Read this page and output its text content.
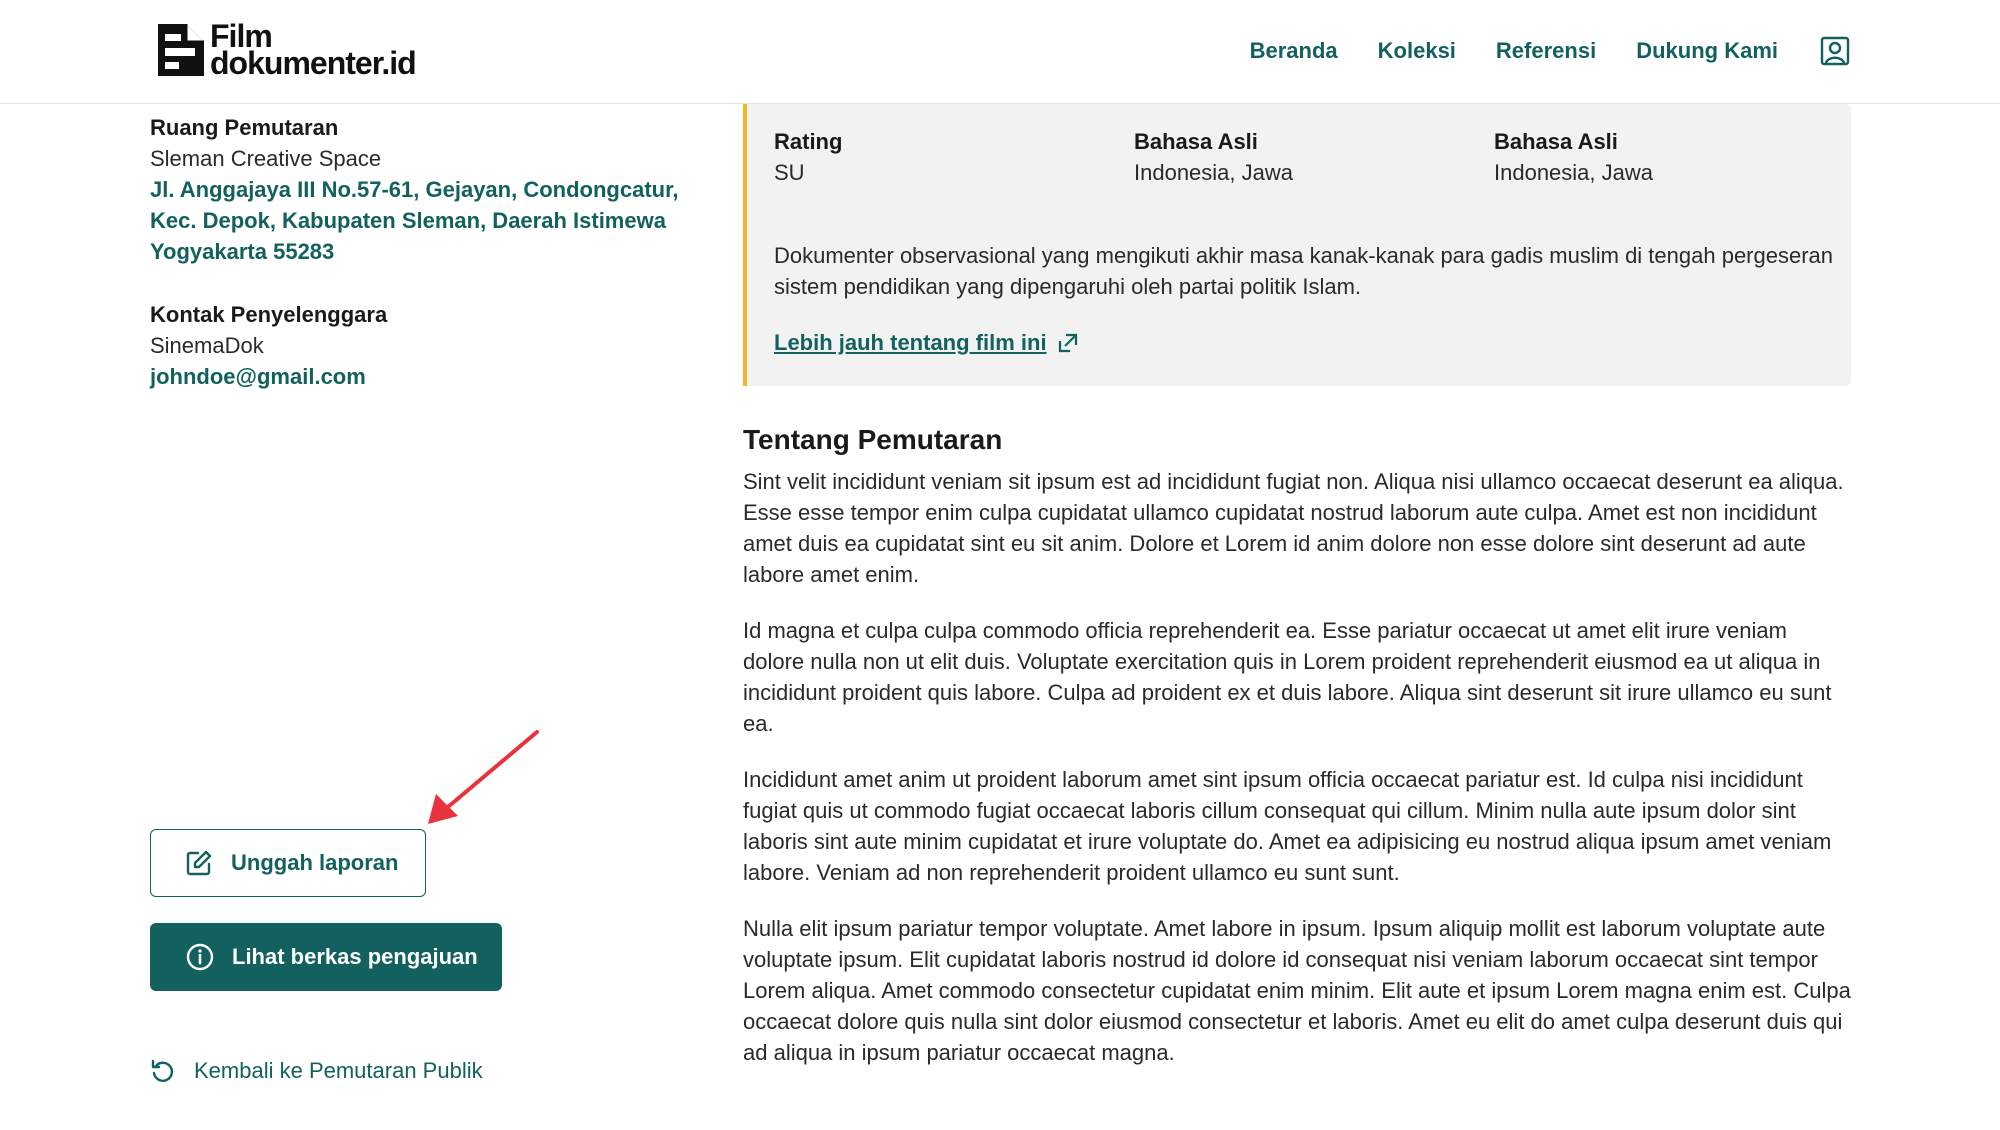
Film
dokumenter.id	Beranda Koleksi Referensi Dukung Kami
Ruang Pemutaran
Sleman Creative Space
Jl. Anggajaya III No.57-61, Gejayan, Condongcatur, Kec. Depok, Kabupaten Sleman, Daerah Istimewa Yogyakarta 55283
Kontak Penyelenggara
SinemaDok
johndoe@gmail.com
Unggah laporan
Lihat berkas pengajuan
Kembali ke Pemutaran Publik
Rating
SU
Bahasa Asli
Indonesia, Jawa
Bahasa Asli
Indonesia, Jawa
Dokumenter observasional yang mengikuti akhir masa kanak-kanak para gadis muslim di tengah pergeseran sistem pendidikan yang dipengaruhi oleh partai politik Islam.
Lebih jauh tentang film ini
Tentang Pemutaran

Sint velit incididunt veniam sit ipsum est ad incididunt fugiat non. Aliqua nisi ullamco occaecat deserunt ea aliqua. Esse esse tempor enim culpa cupidatat ullamco cupidatat nostrud laborum aute culpa. Amet est non incididunt amet duis ea cupidatat sint eu sit anim. Dolore et Lorem id anim dolore non esse dolore sint deserunt ad aute labore amet enim.

Id magna et culpa culpa commodo officia reprehenderit ea. Esse pariatur occaecat ut amet elit irure veniam dolore nulla non ut elit duis. Voluptate exercitation quis in Lorem proident reprehenderit eiusmod ea ut aliqua in incididunt proident quis labore. Culpa ad proident ex et duis labore. Aliqua sint deserunt sit irure ullamco eu sunt ea.

Incididunt amet anim ut proident laborum amet sint ipsum officia occaecat pariatur est. Id culpa nisi incididunt fugiat quis ut commodo fugiat occaecat laboris cillum consequat qui cillum. Minim nulla aute ipsum dolor sint laboris sint aute minim cupidatat et irure voluptate do. Amet ea adipisicing eu nostrud aliqua ipsum amet veniam labore. Veniam ad non reprehenderit proident ullamco eu sunt sunt.

Nulla elit ipsum pariatur tempor voluptate. Amet labore in ipsum. Ipsum aliquip mollit est laborum voluptate aute voluptate ipsum. Elit cupidatat laboris nostrud id dolore id consequat nisi veniam laborum occaecat sint tempor Lorem aliqua. Amet commodo consectetur cupidatat enim minim. Elit aute et ipsum Lorem magna enim est. Culpa occaecat dolore quis nulla sint dolor eiusmod consectetur et laboris. Amet eu elit do amet culpa deserunt duis qui ad aliqua in ipsum pariatur occaecat magna.
